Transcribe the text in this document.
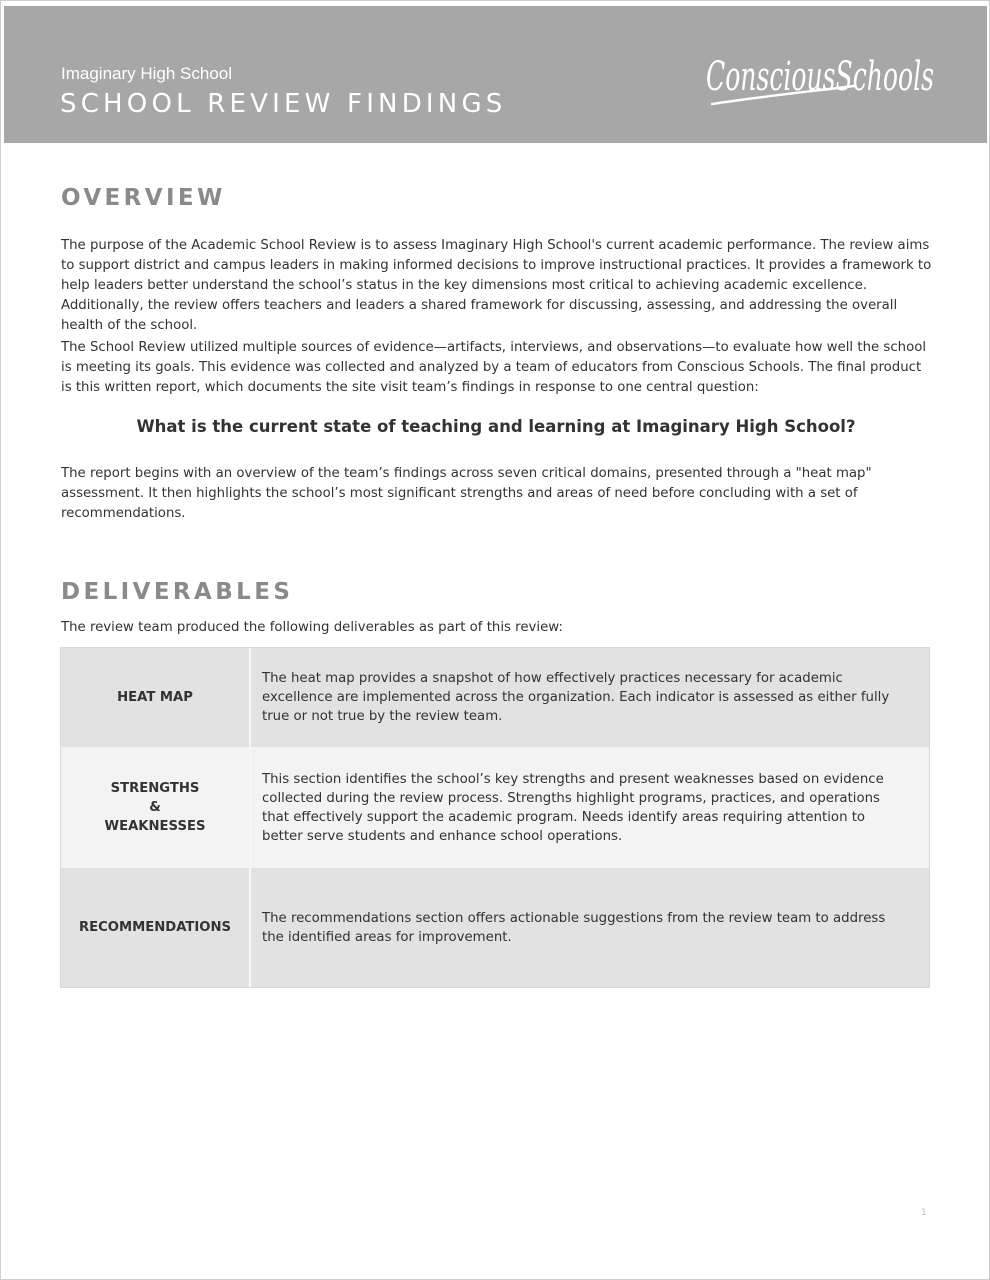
Imaginary High School
SCHOOL REVIEW FINDINGS
ConsciousSchools
OVERVIEW

The purpose of the Academic School Review is to assess Imaginary High School's current academic performance. The review aims to support district and campus leaders in making informed decisions to improve instructional practices. It provides a framework to help leaders better understand the school’s status in the key dimensions most critical to achieving academic excellence. Additionally, the review offers teachers and leaders a shared framework for discussing, assessing, and addressing the overall health of the school.

The School Review utilized multiple sources of evidence—artifacts, interviews, and observations—to evaluate how well the school is meeting its goals. This evidence was collected and analyzed by a team of educators from Conscious Schools. The final product is this written report, which documents the site visit team’s findings in response to one central question:

What is the current state of teaching and learning at Imaginary High School?

The report begins with an overview of the team’s findings across seven critical domains, presented through a "heat map" assessment. It then highlights the school’s most significant strengths and areas of need before concluding with a set of recommendations.

DELIVERABLES
The review team produced the following deliverables as part of this review:
HEAT MAP
The heat map provides a snapshot of how effectively practices necessary for academic excellence are implemented across the organization. Each indicator is assessed as either fully true or not true by the review team.
STRENGTHS
&
WEAKNESSES
This section identifies the school’s key strengths and present weaknesses based on evidence collected during the review process. Strengths highlight programs, practices, and operations that effectively support the academic program. Needs identify areas requiring attention to better serve students and enhance school operations.
RECOMMENDATIONS
The recommendations section offers actionable suggestions from the review team to address the identified areas for improvement.
1
